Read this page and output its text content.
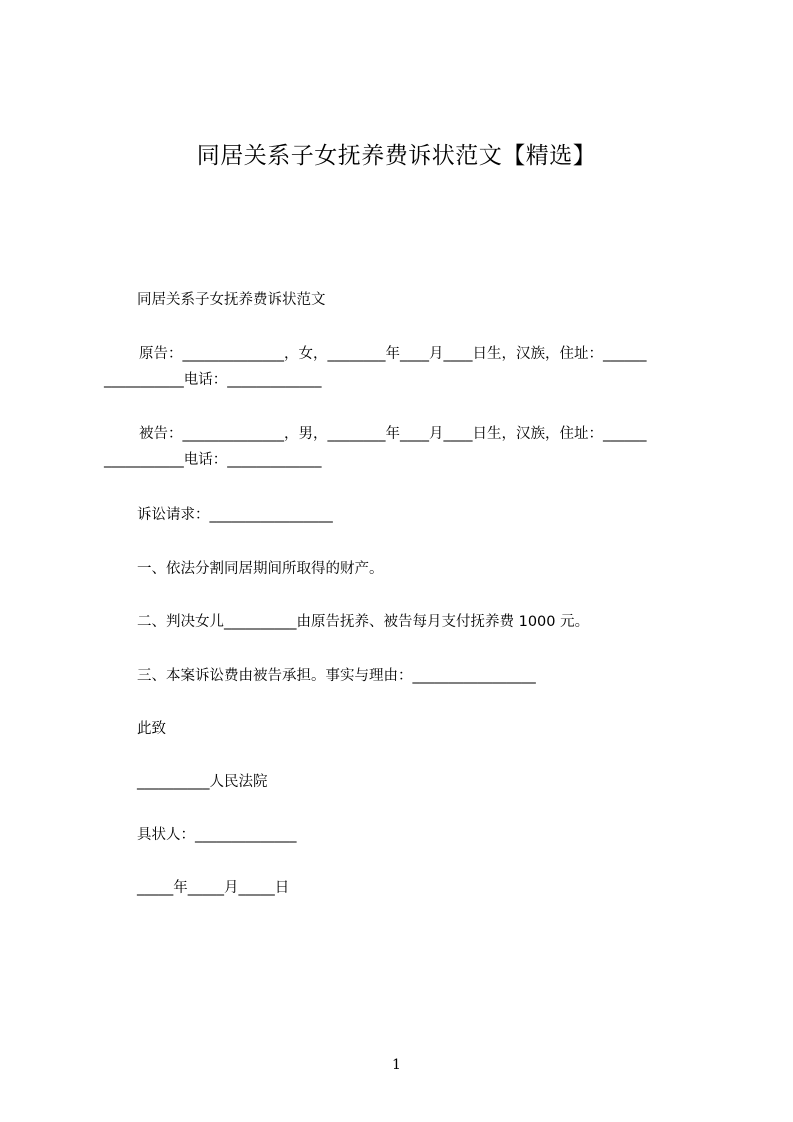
同居关系子女抚养费诉状范文【精选】
同居关系子女抚养费诉状范文
原告：______________，女，________年____月____日生，汉族，住址：______
___________电话：_____________
被告：______________，男，________年____月____日生，汉族，住址：______
___________电话：_____________
诉讼请求：_________________
一、依法分割同居期间所取得的财产。
二、判决女儿__________由原告抚养、被告每月支付抚养费 1000 元。
三、本案诉讼费由被告承担。事实与理由：_________________
此致
__________人民法院
具状人：______________
_____年_____月_____日
1
